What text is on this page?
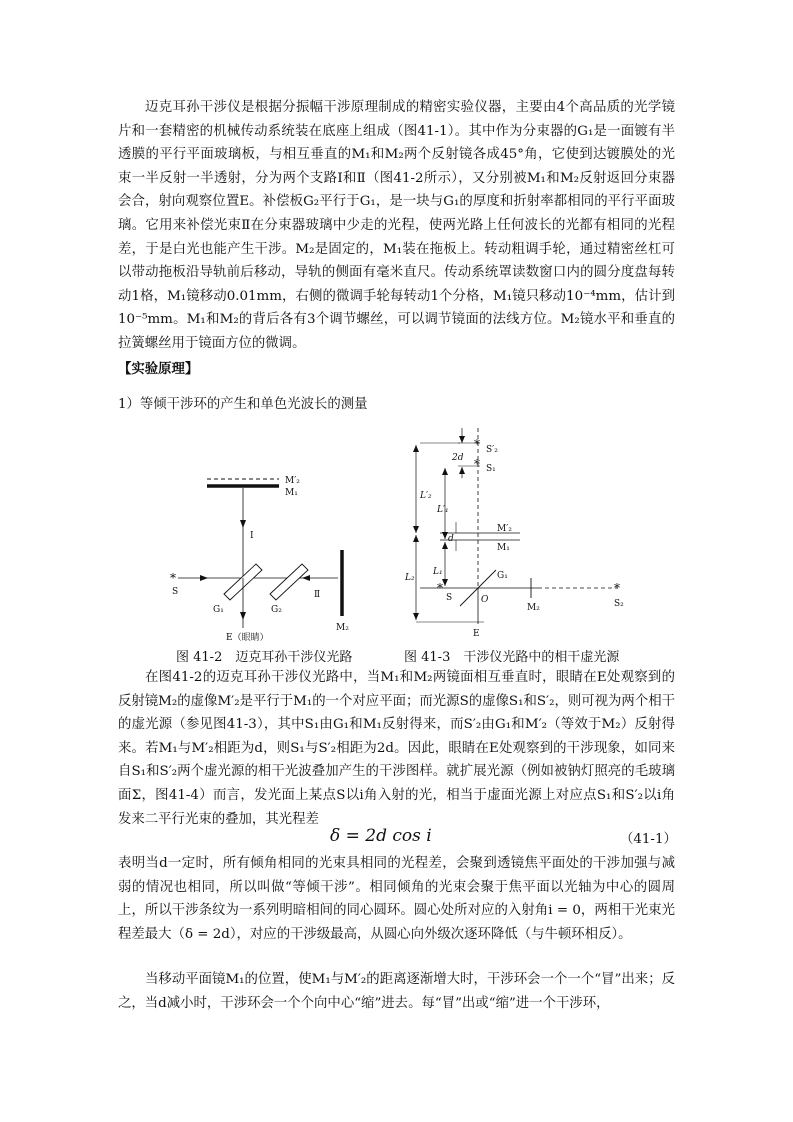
迈克耳孙干涉仪是根据分振幅干涉原理制成的精密实验仪器，主要由4个高品质的光学镜片和一套精密的机械传动系统装在底座上组成（图41-1）。其中作为分束器的G₁是一面镀有半透膜的平行平面玻璃板，与相互垂直的M₁和M₂两个反射镜各成45°角，它使到达镀膜处的光束一半反射一半透射，分为两个支路Ⅰ和Ⅱ（图41-2所示），又分别被M₁和M₂反射返回分束器会合，射向观察位置E。补偿板G₂平行于G₁，是一块与G₁的厚度和折射率都相同的平行平面玻璃。它用来补偿光束Ⅱ在分束器玻璃中少走的光程，使两光路上任何波长的光都有相同的光程差，于是白光也能产生干涉。M₂是固定的，M₁装在拖板上。转动粗调手轮，通过精密丝杠可以带动拖板沿导轨前后移动，导轨的侧面有毫米直尺。传动系统罩读数窗口内的圆分度盘每转动1格，M₁镜移动0.01mm，右侧的微调手轮每转动1个分格，M₁镜只移动10⁻⁴mm，估计到10⁻⁵mm。M₁和M₂的背后各有3个调节螺丝，可以调节镜面的法线方位。M₂镜水平和垂直的拉簧螺丝用于镜面方位的微调。

【实验原理】

1）等倾干涉环的产生和单色光波长的测量

M′₂
M₁
Ⅰ
*
S
G₁	G₂
Ⅱ
M₂
E（眼睛）
* S′₂
* S₁
2d
L′₂
L′₁
M′₂
M₁
d
L₂
L₁
*
S
G₁
O
M₂
*
S₂
E

图 41-2　迈克耳孙干涉仪光路	图 41-3　干涉仪光路中的相干虚光源

在图41-2的迈克耳孙干涉仪光路中，当M₁和M₂两镜面相互垂直时，眼睛在E处观察到的反射镜M₂的虚像M′₂是平行于M₁的一个对应平面；而光源S的虚像S₁和S′₂，则可视为两个相干的虚光源（参见图41-3），其中S₁由G₁和M₁反射得来，而S′₂由G₁和M′₂（等效于M₂）反射得来。若M₁与M′₂相距为d，则S₁与S′₂相距为2d。因此，眼睛在E处观察到的干涉现象，如同来自S₁和S′₂两个虚光源的相干光波叠加产生的干涉图样。就扩展光源（例如被钠灯照亮的毛玻璃面Σ，图41-4）而言，发光面上某点S以i角入射的光，相当于虚面光源上对应点S₁和S′₂以i角发来二平行光束的叠加，其光程差

δ = 2d cos i	（41-1）

表明当d一定时，所有倾角相同的光束具相同的光程差，会聚到透镜焦平面处的干涉加强与减弱的情况也相同，所以叫做“等倾干涉”。相同倾角的光束会聚于焦平面以光轴为中心的圆周上，所以干涉条纹为一系列明暗相间的同心圆环。圆心处所对应的入射角i = 0，两相干光束光程差最大（δ = 2d），对应的干涉级最高，从圆心向外级次逐环降低（与牛顿环相反）。

当移动平面镜M₁的位置，使M₁与M′₂的距离逐渐增大时，干涉环会一个一个“冒”出来；反之，当d减小时，干涉环会一个个向中心“缩”进去。每“冒”出或“缩”进一个干涉环，
